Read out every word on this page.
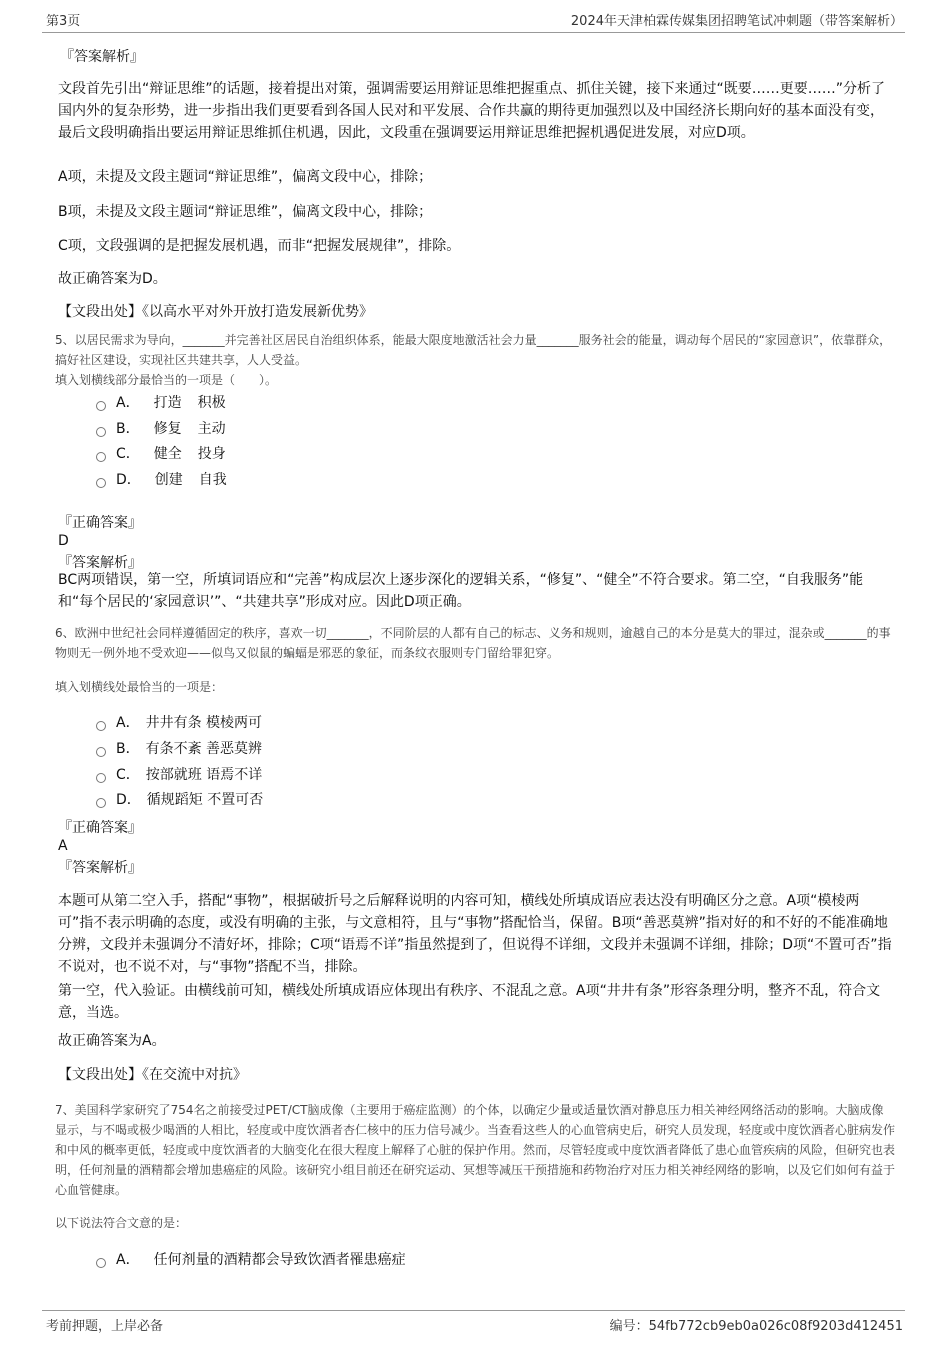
第3页	2024年天津柏霖传媒集团招聘笔试冲刺题（带答案解析）
『答案解析』
文段首先引出“辩证思维”的话题，接着提出对策，强调需要运用辩证思维把握重点、抓住关键，接下来通过“既要……更要……”分析了国内外的复杂形势，进一步指出我们更要看到各国人民对和平发展、合作共赢的期待更加强烈以及中国经济长期向好的基本面没有变，最后文段明确指出要运用辩证思维抓住机遇，因此，文段重在强调要运用辩证思维把握机遇促进发展，对应D项。
A项，未提及文段主题词“辩证思维”，偏离文段中心，排除；
B项，未提及文段主题词“辩证思维”，偏离文段中心，排除；
C项，文段强调的是把握发展机遇，而非“把握发展规律”，排除。
故正确答案为D。
【文段出处】《以高水平对外开放打造发展新优势》
5、以居民需求为导向，_______并完善社区居民自治组织体系，能最大限度地激活社会力量_______服务社会的能量，调动每个居民的“家园意识”，依靠群众，搞好社区建设，实现社区共建共享，人人受益。
填入划横线部分最恰当的一项是（　　）。
A． 打造 积极
B． 修复 主动
C． 健全 投身
D． 创建 自我
『正确答案』
D
『答案解析』
BC两项错误，第一空，所填词语应和“完善”构成层次上逐步深化的逻辑关系，“修复”、“健全”不符合要求。第二空，“自我服务”能和“每个居民的‘家园意识’”、“共建共享”形成对应。因此D项正确。
6、欧洲中世纪社会同样遵循固定的秩序，喜欢一切_______，不同阶层的人都有自己的标志、义务和规则，逾越自己的本分是莫大的罪过，混杂或_______的事物则无一例外地不受欢迎——似鸟又似鼠的蝙蝠是邪恶的象征，而条纹衣服则专门留给罪犯穿。
填入划横线处最恰当的一项是：
A． 井井有条 模棱两可
B． 有条不紊 善恶莫辨
C． 按部就班 语焉不详
D． 循规蹈矩 不置可否
『正确答案』
A
『答案解析』
本题可从第二空入手，搭配“事物”，根据破折号之后解释说明的内容可知，横线处所填成语应表达没有明确区分之意。A项“模棱两可”指不表示明确的态度，或没有明确的主张，与文意相符，且与“事物”搭配恰当，保留。B项“善恶莫辨”指对好的和不好的不能准确地分辨，文段并未强调分不清好坏，排除；C项“语焉不详”指虽然提到了，但说得不详细，文段并未强调不详细，排除；D项“不置可否”指不说对，也不说不对，与“事物”搭配不当，排除。
第一空，代入验证。由横线前可知，横线处所填成语应体现出有秩序、不混乱之意。A项“井井有条”形容条理分明，整齐不乱，符合文意，当选。
故正确答案为A。
【文段出处】《在交流中对抗》
7、美国科学家研究了754名之前接受过PET/CT脑成像（主要用于癌症监测）的个体，以确定少量或适量饮酒对静息压力相关神经网络活动的影响。大脑成像显示，与不喝或极少喝酒的人相比，轻度或中度饮酒者杏仁核中的压力信号减少。当查看这些人的心血管病史后，研究人员发现，轻度或中度饮酒者心脏病发作和中风的概率更低，轻度或中度饮酒者的大脑变化在很大程度上解释了心脏的保护作用。然而，尽管轻度或中度饮酒者降低了患心血管疾病的风险，但研究也表明，任何剂量的酒精都会增加患癌症的风险。该研究小组目前还在研究运动、冥想等减压干预措施和药物治疗对压力相关神经网络的影响，以及它们如何有益于心血管健康。
以下说法符合文意的是：
A． 任何剂量的酒精都会导致饮酒者罹患癌症
考前押题，上岸必备	编号：54fb772cb9eb0a026c08f9203d412451
